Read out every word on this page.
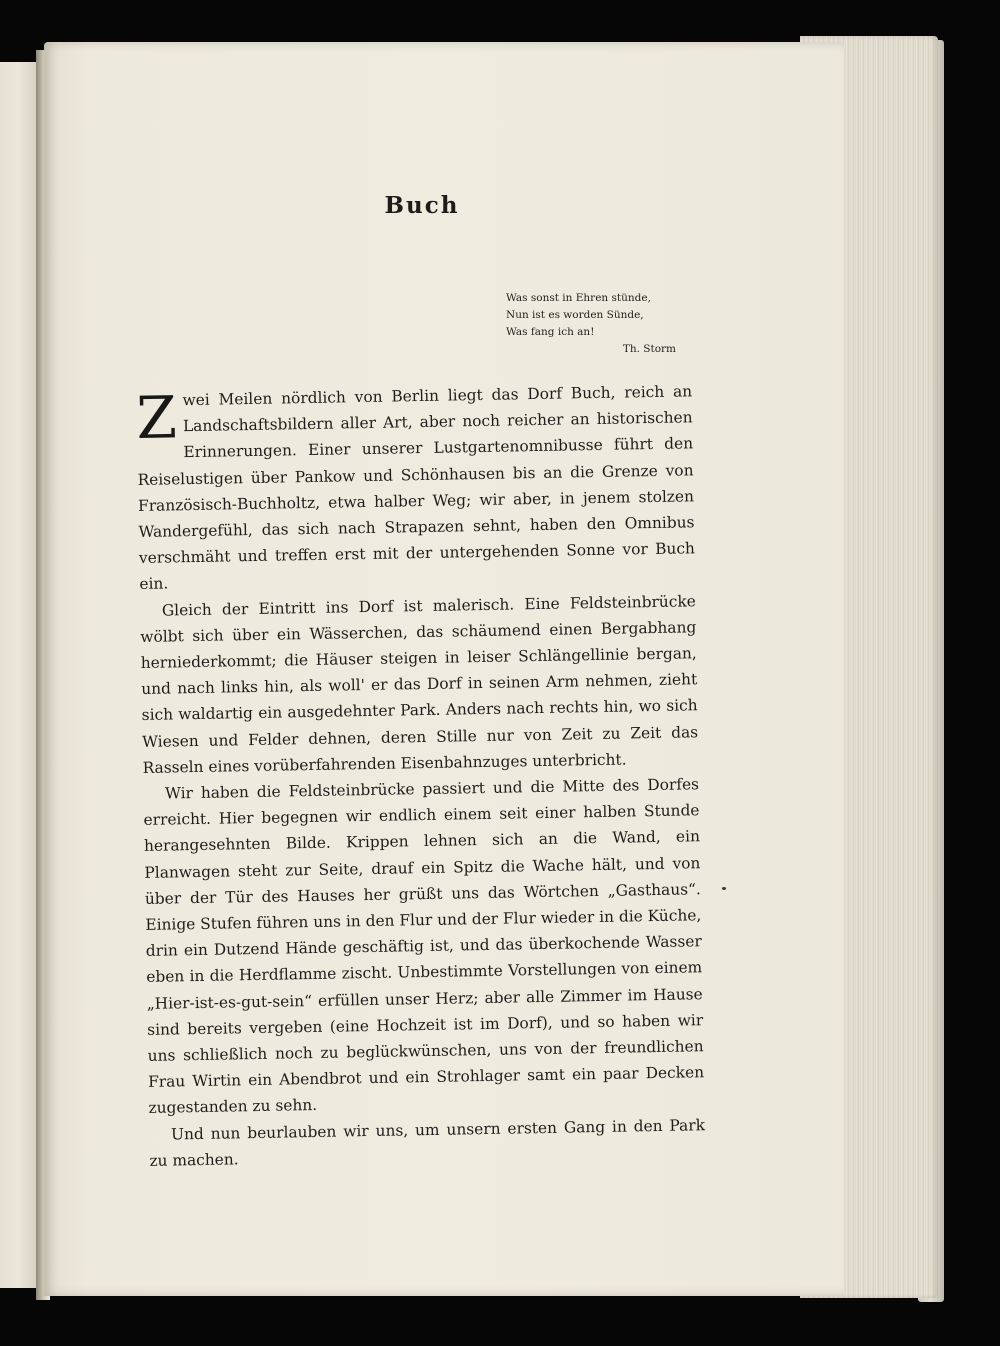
Buch
Was sonst in Ehren stünde,
Nun ist es worden Sünde,
Was fang ich an!
Th. Storm

Zwei Meilen nördlich von Berlin liegt das Dorf Buch, reich an Landschaftsbildern aller Art, aber noch reicher an historischen Erinnerungen. Einer unserer Lustgartenomnibusse führt den Reiselustigen über Pankow und Schönhausen bis an die Grenze von Französisch-Buchholtz, etwa halber Weg; wir aber, in jenem stolzen Wandergefühl, das sich nach Strapazen sehnt, haben den Omnibus verschmäht und treffen erst mit der untergehenden Sonne vor Buch ein.

Gleich der Eintritt ins Dorf ist malerisch. Eine Feldsteinbrücke wölbt sich über ein Wässerchen, das schäumend einen Bergabhang herniederkommt; die Häuser steigen in leiser Schlängellinie bergan, und nach links hin, als woll' er das Dorf in seinen Arm nehmen, zieht sich waldartig ein ausgedehnter Park. Anders nach rechts hin, wo sich Wiesen und Felder dehnen, deren Stille nur von Zeit zu Zeit das Rasseln eines vorüberfahrenden Eisenbahnzuges unterbricht.

Wir haben die Feldsteinbrücke passiert und die Mitte des Dorfes erreicht. Hier begegnen wir endlich einem seit einer halben Stunde herangesehnten Bilde. Krippen lehnen sich an die Wand, ein Planwagen steht zur Seite, drauf ein Spitz die Wache hält, und von über der Tür des Hauses her grüßt uns das Wörtchen „Gasthaus“. Einige Stufen führen uns in den Flur und der Flur wieder in die Küche, drin ein Dutzend Hände geschäftig ist, und das überkochende Wasser eben in die Herdflamme zischt. Unbestimmte Vorstellungen von einem „Hier-ist-es-gut-sein“ erfüllen unser Herz; aber alle Zimmer im Hause sind bereits vergeben (eine Hochzeit ist im Dorf), und so haben wir uns schließlich noch zu beglückwünschen, uns von der freundlichen Frau Wirtin ein Abendbrot und ein Strohlager samt ein paar Decken zugestanden zu sehn.

Und nun beurlauben wir uns, um unsern ersten Gang in den Park zu machen.
